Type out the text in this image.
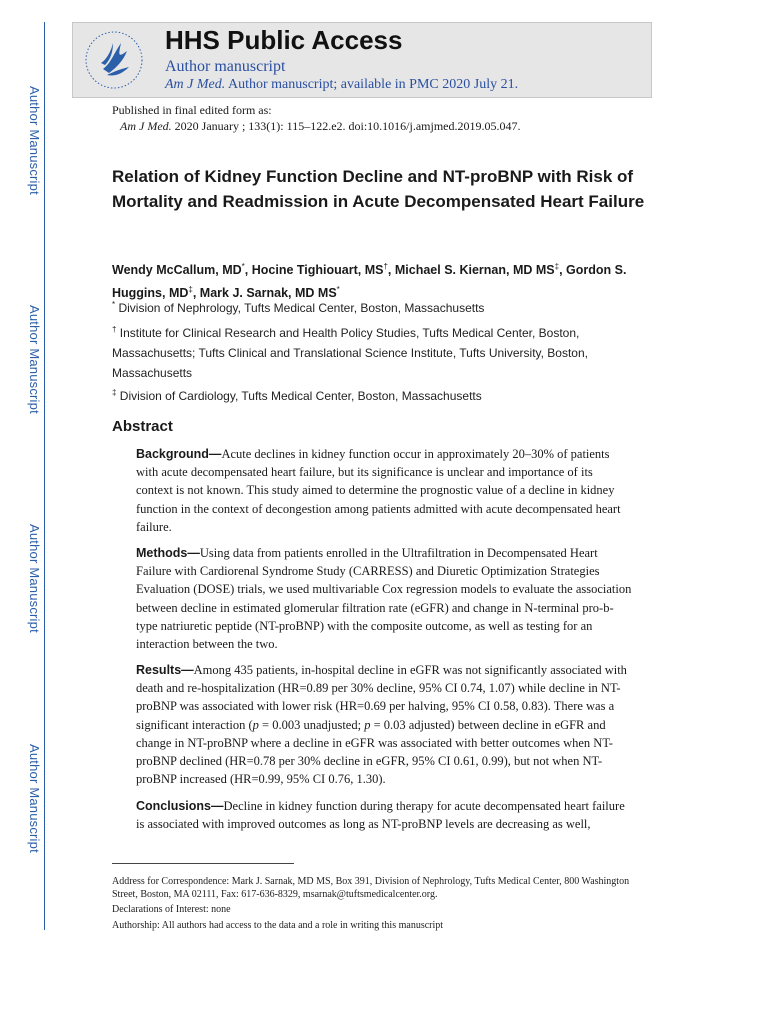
Author Manuscript
Author Manuscript
Author Manuscript
Author Manuscript
HHS Public Access
Author manuscript
Am J Med. Author manuscript; available in PMC 2020 July 21.
Published in final edited form as:
Am J Med. 2020 January ; 133(1): 115–122.e2. doi:10.1016/j.amjmed.2019.05.047.
Relation of Kidney Function Decline and NT-proBNP with Risk of Mortality and Readmission in Acute Decompensated Heart Failure
Wendy McCallum, MD*, Hocine Tighiouart, MS†, Michael S. Kiernan, MD MS‡, Gordon S. Huggins, MD‡, Mark J. Sarnak, MD MS*
* Division of Nephrology, Tufts Medical Center, Boston, Massachusetts
† Institute for Clinical Research and Health Policy Studies, Tufts Medical Center, Boston, Massachusetts; Tufts Clinical and Translational Science Institute, Tufts University, Boston, Massachusetts
‡ Division of Cardiology, Tufts Medical Center, Boston, Massachusetts
Abstract
Background—Acute declines in kidney function occur in approximately 20–30% of patients with acute decompensated heart failure, but its significance is unclear and importance of its context is not known. This study aimed to determine the prognostic value of a decline in kidney function in the context of decongestion among patients admitted with acute decompensated heart failure.
Methods—Using data from patients enrolled in the Ultrafiltration in Decompensated Heart Failure with Cardiorenal Syndrome Study (CARRESS) and Diuretic Optimization Strategies Evaluation (DOSE) trials, we used multivariable Cox regression models to evaluate the association between decline in estimated glomerular filtration rate (eGFR) and change in N-terminal pro-b-type natriuretic peptide (NT-proBNP) with the composite outcome, as well as testing for an interaction between the two.
Results—Among 435 patients, in-hospital decline in eGFR was not significantly associated with death and re-hospitalization (HR=0.89 per 30% decline, 95% CI 0.74, 1.07) while decline in NT-proBNP was associated with lower risk (HR=0.69 per halving, 95% CI 0.58, 0.83). There was a significant interaction (p = 0.003 unadjusted; p = 0.03 adjusted) between decline in eGFR and change in NT-proBNP where a decline in eGFR was associated with better outcomes when NT-proBNP declined (HR=0.78 per 30% decline in eGFR, 95% CI 0.61, 0.99), but not when NT-proBNP increased (HR=0.99, 95% CI 0.76, 1.30).
Conclusions—Decline in kidney function during therapy for acute decompensated heart failure is associated with improved outcomes as long as NT-proBNP levels are decreasing as well,
Address for Correspondence: Mark J. Sarnak, MD MS, Box 391, Division of Nephrology, Tufts Medical Center, 800 Washington Street, Boston, MA 02111, Fax: 617-636-8329, msarnak@tuftsmedicalcenter.org.
Declarations of Interest: none
Authorship: All authors had access to the data and a role in writing this manuscript
